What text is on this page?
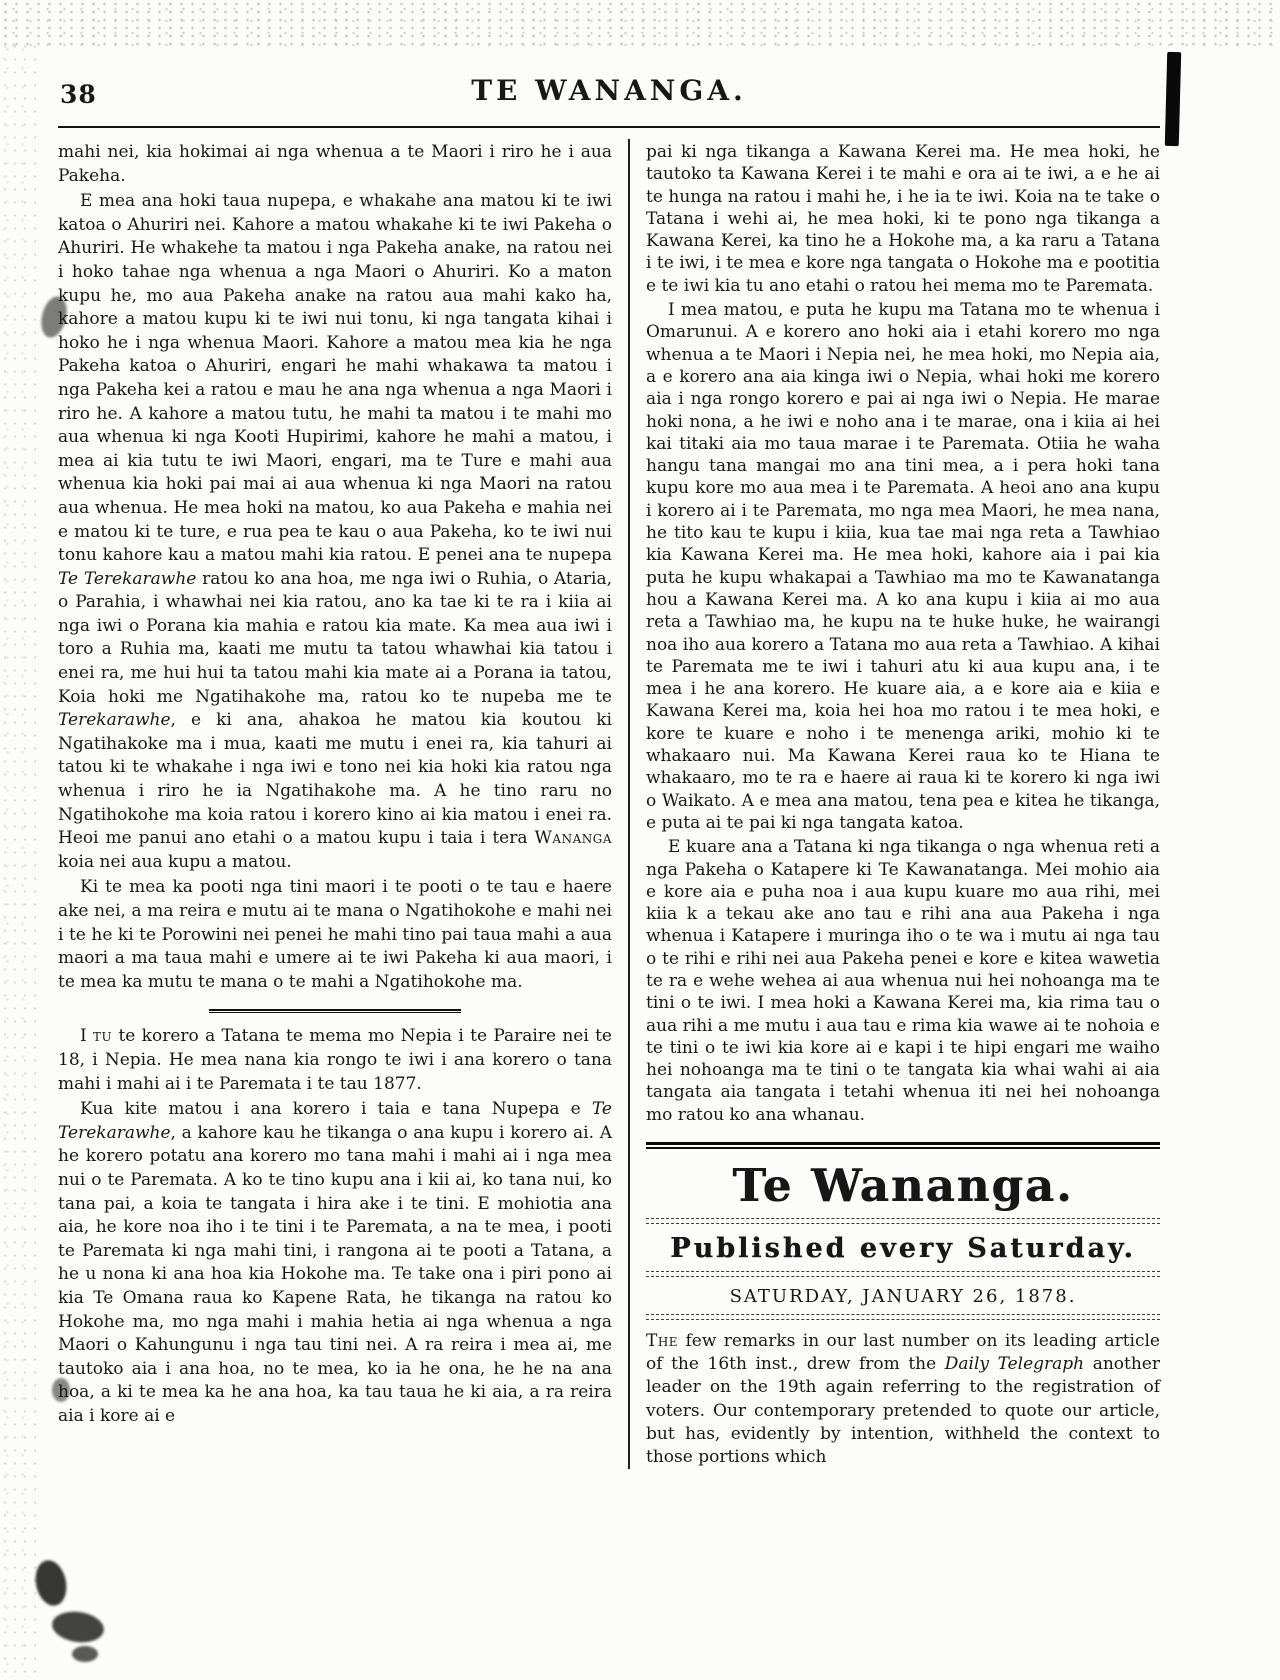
38	TE WANANGA.

mahi nei, kia hokimai ai nga whenua a te Maori i riro he i aua Pakeha.

E mea ana hoki taua nupepa, e whakahe ana matou ki te iwi katoa o Ahuriri nei. Kahore a matou whakahe ki te iwi Pakeha o Ahuriri. He whakehe ta matou i nga Pakeha anake, na ratou nei i hoko tahae nga whenua a nga Maori o Ahuriri. Ko a maton kupu he, mo aua Pakeha anake na ratou aua mahi kako ha, kahore a matou kupu ki te iwi nui tonu, ki nga tangata kihai i hoko he i nga whenua Maori. Kahore a matou mea kia he nga Pakeha katoa o Ahuriri, engari he mahi whakawa ta matou i nga Pakeha kei a ratou e mau he ana nga whenua a nga Maori i riro he. A kahore a matou tutu, he mahi ta matou i te mahi mo aua whenua ki nga Kooti Hupirimi, kahore he mahi a matou, i mea ai kia tutu te iwi Maori, engari, ma te Ture e mahi aua whenua kia hoki pai mai ai aua whenua ki nga Maori na ratou aua whenua. He mea hoki na matou, ko aua Pakeha e mahia nei e matou ki te ture, e rua pea te kau o aua Pakeha, ko te iwi nui tonu kahore kau a matou mahi kia ratou. E penei ana te nupepa Te Terekarawhe ratou ko ana hoa, me nga iwi o Ruhia, o Ataria, o Parahia, i whawhai nei kia ratou, ano ka tae ki te ra i kiia ai nga iwi o Porana kia mahia e ratou kia mate. Ka mea aua iwi i toro a Ruhia ma, kaati me mutu ta tatou whawhai kia tatou i enei ra, me hui hui ta tatou mahi kia mate ai a Porana ia tatou, Koia hoki me Ngatihakohe ma, ratou ko te nupeba me te Terekarawhe, e ki ana, ahakoa he matou kia koutou ki Ngatihakoke ma i mua, kaati me mutu i enei ra, kia tahuri ai tatou ki te whakahe i nga iwi e tono nei kia hoki kia ratou nga whenua i riro he ia Ngatihakohe ma. A he tino raru no Ngatihokohe ma koia ratou i korero kino ai kia matou i enei ra. Heoi me panui ano etahi o a matou kupu i taia i tera Wananga koia nei aua kupu a matou.

Ki te mea ka pooti nga tini maori i te pooti o te tau e haere ake nei, a ma reira e mutu ai te mana o Ngatihokohe e mahi nei i te he ki te Porowini nei penei he mahi tino pai taua mahi a aua maori a ma taua mahi e umere ai te iwi Pakeha ki aua maori, i te mea ka mutu te mana o te mahi a Ngatihokohe ma.

I tu te korero a Tatana te mema mo Nepia i te Paraire nei te 18, i Nepia. He mea nana kia rongo te iwi i ana korero o tana mahi i mahi ai i te Paremata i te tau 1877.

Kua kite matou i ana korero i taia e tana Nupepa e Te Terekarawhe, a kahore kau he tikanga o ana kupu i korero ai. A he korero potatu ana korero mo tana mahi i mahi ai i nga mea nui o te Paremata. A ko te tino kupu ana i kii ai, ko tana nui, ko tana pai, a koia te tangata i hira ake i te tini. E mohiotia ana aia, he kore noa iho i te tini i te Paremata, a na te mea, i pooti te Paremata ki nga mahi tini, i rangona ai te pooti a Tatana, a he u nona ki ana hoa kia Hokohe ma. Te take ona i piri pono ai kia Te Omana raua ko Kapene Rata, he tikanga na ratou ko Hokohe ma, mo nga mahi i mahia hetia ai nga whenua a nga Maori o Kahungunu i nga tau tini nei. A ra reira i mea ai, me tautoko aia i ana hoa, no te mea, ko ia he ona, he he na ana hoa, a ki te mea ka he ana hoa, ka tau taua he ki aia, a ra reira aia i kore ai e

pai ki nga tikanga a Kawana Kerei ma. He mea hoki, he tautoko ta Kawana Kerei i te mahi e ora ai te iwi, a e he ai te hunga na ratou i mahi he, i he ia te iwi. Koia na te take o Tatana i wehi ai, he mea hoki, ki te pono nga tikanga a Kawana Kerei, ka tino he a Hokohe ma, a ka raru a Tatana i te iwi, i te mea e kore nga tangata o Hokohe ma e pootitia e te iwi kia tu ano etahi o ratou hei mema mo te Paremata.

I mea matou, e puta he kupu ma Tatana mo te whenua i Omarunui. A e korero ano hoki aia i etahi korero mo nga whenua a te Maori i Nepia nei, he mea hoki, mo Nepia aia, a e korero ana aia kinga iwi o Nepia, whai hoki me korero aia i nga rongo korero e pai ai nga iwi o Nepia. He marae hoki nona, a he iwi e noho ana i te marae, ona i kiia ai hei kai titaki aia mo taua marae i te Paremata. Otiia he waha hangu tana mangai mo ana tini mea, a i pera hoki tana kupu kore mo aua mea i te Paremata. A heoi ano ana kupu i korero ai i te Paremata, mo nga mea Maori, he mea nana, he tito kau te kupu i kiia, kua tae mai nga reta a Tawhiao kia Kawana Kerei ma. He mea hoki, kahore aia i pai kia puta he kupu whakapai a Tawhiao ma mo te Kawanatanga hou a Kawana Kerei ma. A ko ana kupu i kiia ai mo aua reta a Tawhiao ma, he kupu na te huke huke, he wairangi noa iho aua korero a Tatana mo aua reta a Tawhiao. A kihai te Paremata me te iwi i tahuri atu ki aua kupu ana, i te mea i he ana korero. He kuare aia, a e kore aia e kiia e Kawana Kerei ma, koia hei hoa mo ratou i te mea hoki, e kore te kuare e noho i te menenga ariki, mohio ki te whakaaro nui. Ma Kawana Kerei raua ko te Hiana te whakaaro, mo te ra e haere ai raua ki te korero ki nga iwi o Waikato. A e mea ana matou, tena pea e kitea he tikanga, e puta ai te pai ki nga tangata katoa.

E kuare ana a Tatana ki nga tikanga o nga whenua reti a nga Pakeha o Katapere ki Te Kawanatanga. Mei mohio aia e kore aia e puha noa i aua kupu kuare mo aua rihi, mei kiia k a tekau ake ano tau e rihi ana aua Pakeha i nga whenua i Katapere i muringa iho o te wa i mutu ai nga tau o te rihi e rihi nei aua Pakeha penei e kore e kitea wawetia te ra e wehe wehea ai aua whenua nui hei nohoanga ma te tini o te iwi. I mea hoki a Kawana Kerei ma, kia rima tau o aua rihi a me mutu i aua tau e rima kia wawe ai te nohoia e te tini o te iwi kia kore ai e kapi i te hipi engari me waiho hei nohoanga ma te tini o te tangata kia whai wahi ai aia tangata aia tangata i tetahi whenua iti nei hei nohoanga mo ratou ko ana whanau.

Te Wananga.
Published every Saturday.
SATURDAY, JANUARY 26, 1878.

The few remarks in our last number on its leading article of the 16th inst., drew from the Daily Telegraph another leader on the 19th again referring to the registration of voters. Our contemporary pretended to quote our article, but has, evidently by intention, withheld the context to those portions which
